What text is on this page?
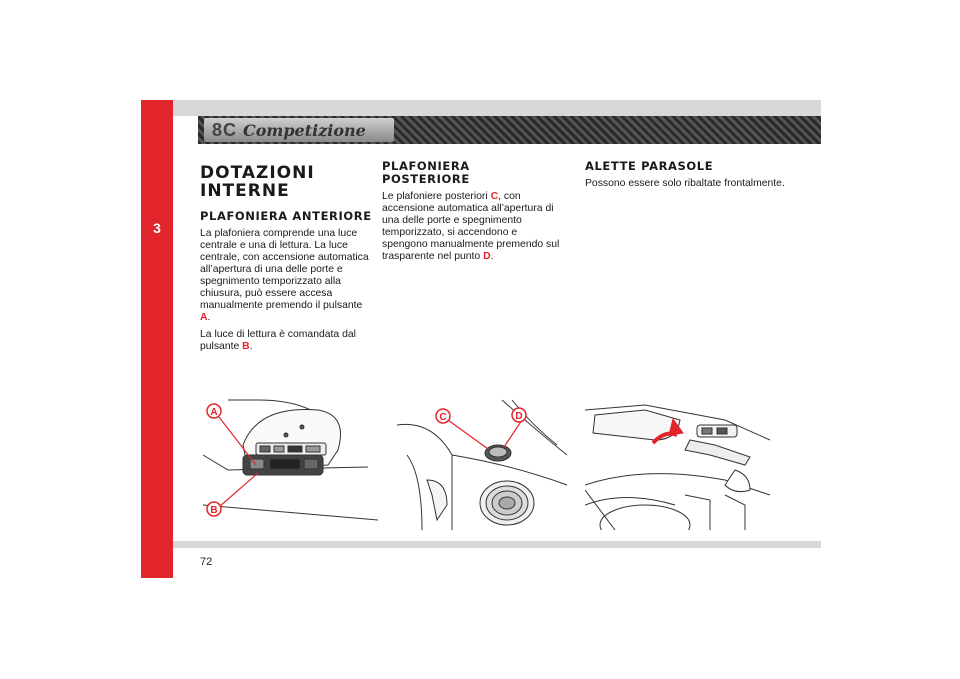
3
8C Competizione
DOTAZIONI INTERNE
PLAFONIERA ANTERIORE

La plafoniera comprende una luce centrale e una di lettura. La luce centrale, con accensione automatica all’apertura di una delle porte e spegnimento temporizzato alla chiusura, può essere accesa manualmente premendo il pulsante A.

La luce di lettura è comandata dal pulsante B.

PLAFONIERA POSTERIORE

Le plafoniere posteriori C, con accensione automatica all’apertura di una delle porte e spegnimento temporizzato, si accendono e spengono manualmente premendo sul trasparente nel punto D.

ALETTE PARASOLE

Possono essere solo ribaltate frontalmente.

A
B
C	D
72
